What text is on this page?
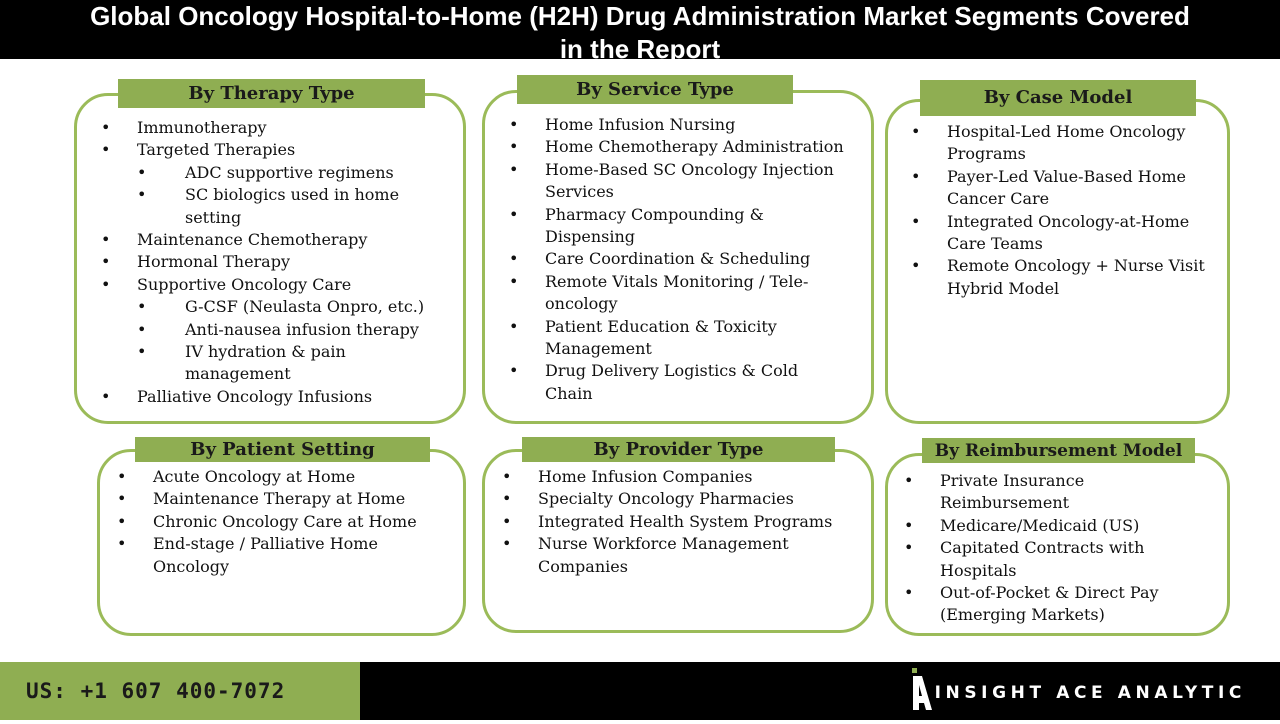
Global Oncology Hospital-to-Home (H2H) Drug Administration Market Segments Covered
in the Report
By Therapy Type
• Immunotherapy
• Targeted Therapies
• ADC supportive regimens
• SC biologics used in home setting
• Maintenance Chemotherapy
• Hormonal Therapy
• Supportive Oncology Care
• G-CSF (Neulasta Onpro, etc.)
• Anti-nausea infusion therapy
• IV hydration & pain management
• Palliative Oncology Infusions
By Service Type
• Home Infusion Nursing
• Home Chemotherapy Administration
• Home-Based SC Oncology Injection Services
• Pharmacy Compounding & Dispensing
• Care Coordination & Scheduling
• Remote Vitals Monitoring / Tele-oncology
• Patient Education & Toxicity Management
• Drug Delivery Logistics & Cold Chain
By Case Model
• Hospital-Led Home Oncology Programs
• Payer-Led Value-Based Home Cancer Care
• Integrated Oncology-at-Home Care Teams
• Remote Oncology + Nurse Visit Hybrid Model
By Patient Setting
• Acute Oncology at Home
• Maintenance Therapy at Home
• Chronic Oncology Care at Home
• End-stage / Palliative Home Oncology
By Provider Type
• Home Infusion Companies
• Specialty Oncology Pharmacies
• Integrated Health System Programs
• Nurse Workforce Management Companies
By Reimbursement Model
• Private Insurance Reimbursement
• Medicare/Medicaid (US)
• Capitated Contracts with Hospitals
• Out-of-Pocket & Direct Pay (Emerging Markets)
US: +1 607 400-7072	INSIGHT ACE ANALYTIC
